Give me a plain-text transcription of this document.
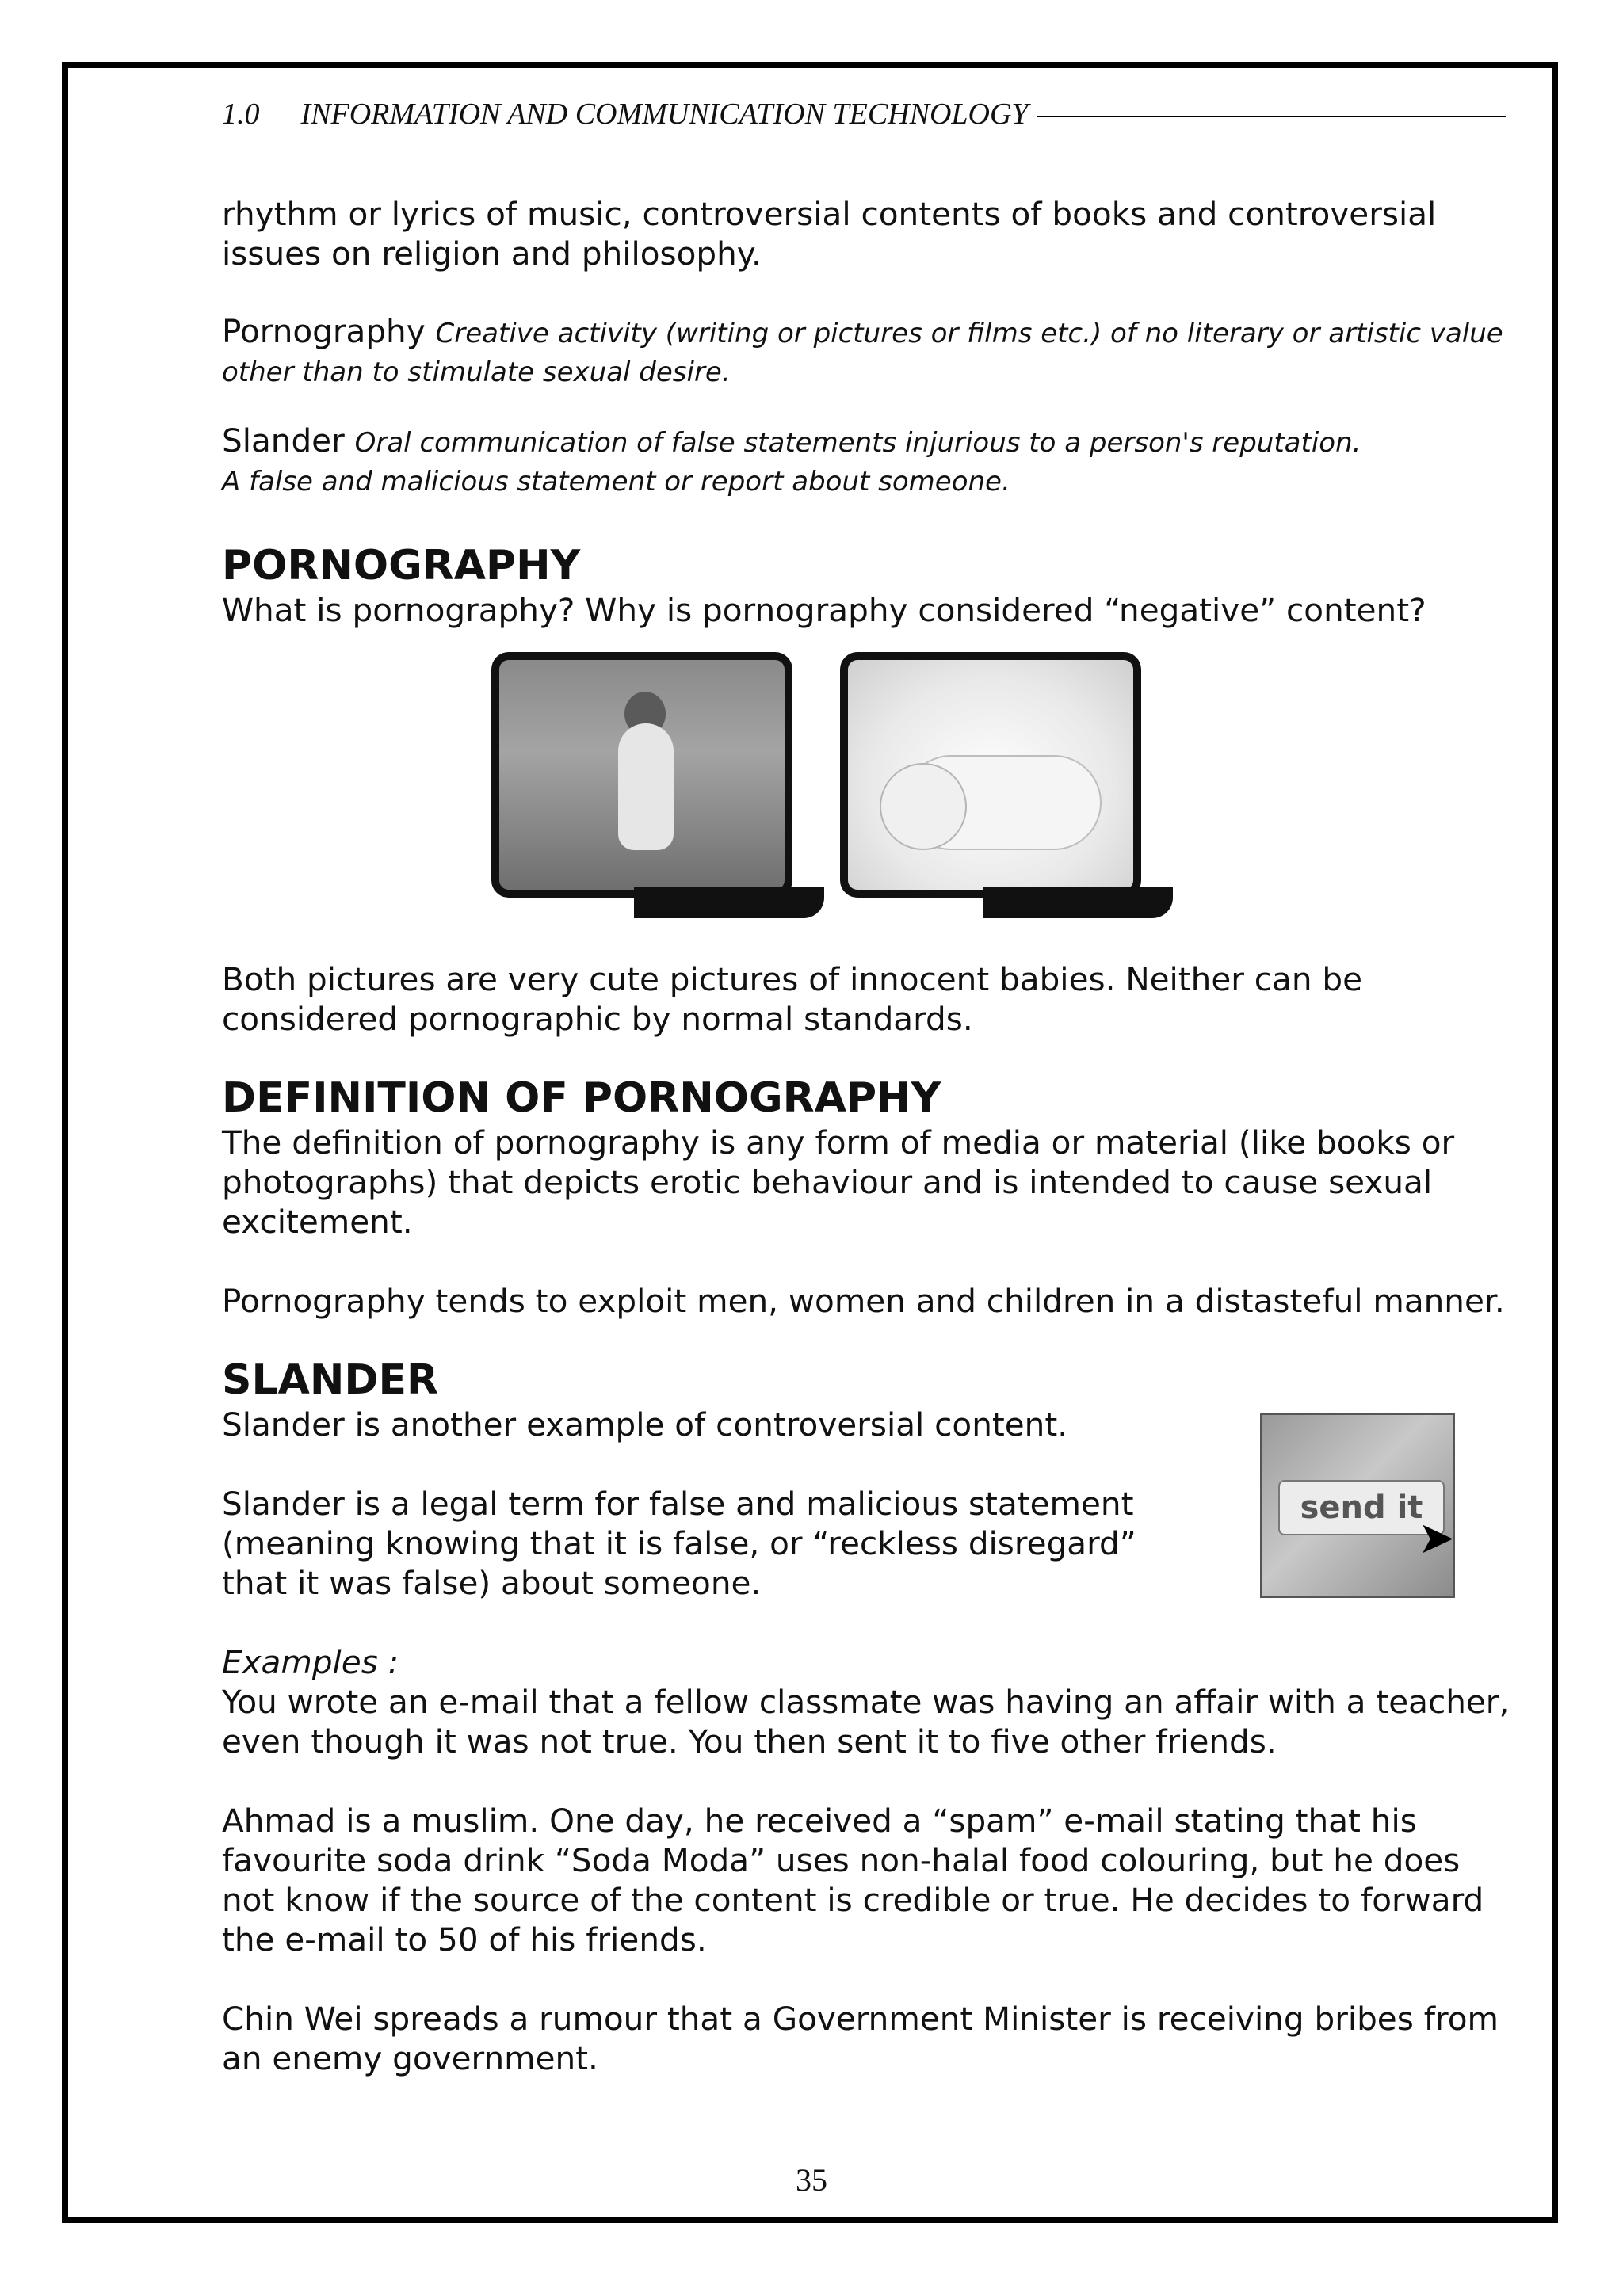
1.0 INFORMATION AND COMMUNICATION TECHNOLOGY

rhythm or lyrics of music, controversial contents of books and controversial issues on religion and philosophy.

Pornography Creative activity (writing or pictures or films etc.) of no literary or artistic value other than to stimulate sexual desire.

Slander Oral communication of false statements injurious to a person's reputation.
A false and malicious statement or report about someone.

PORNOGRAPHY

What is pornography? Why is pornography considered “negative” content?

Both pictures are very cute pictures of innocent babies. Neither can be considered pornographic by normal standards.

DEFINITION OF PORNOGRAPHY

The definition of pornography is any form of media or material (like books or photographs) that depicts erotic behaviour and is intended to cause sexual excitement.

Pornography tends to exploit men, women and children in a distasteful manner.

SLANDER
send it
➤

Slander is another example of controversial content.

Slander is a legal term for false and malicious statement (meaning knowing that it is false, or “reckless disregard” that it was false) about someone.

Examples :

You wrote an e-mail that a fellow classmate was having an affair with a teacher, even though it was not true. You then sent it to five other friends.

Ahmad is a muslim. One day, he received a “spam” e-mail stating that his favourite soda drink “Soda Moda” uses non-halal food colouring, but he does not know if the source of the content is credible or true. He decides to forward the e-mail to 50 of his friends.

Chin Wei spreads a rumour that a Government Minister is receiving bribes from an enemy government.

35
